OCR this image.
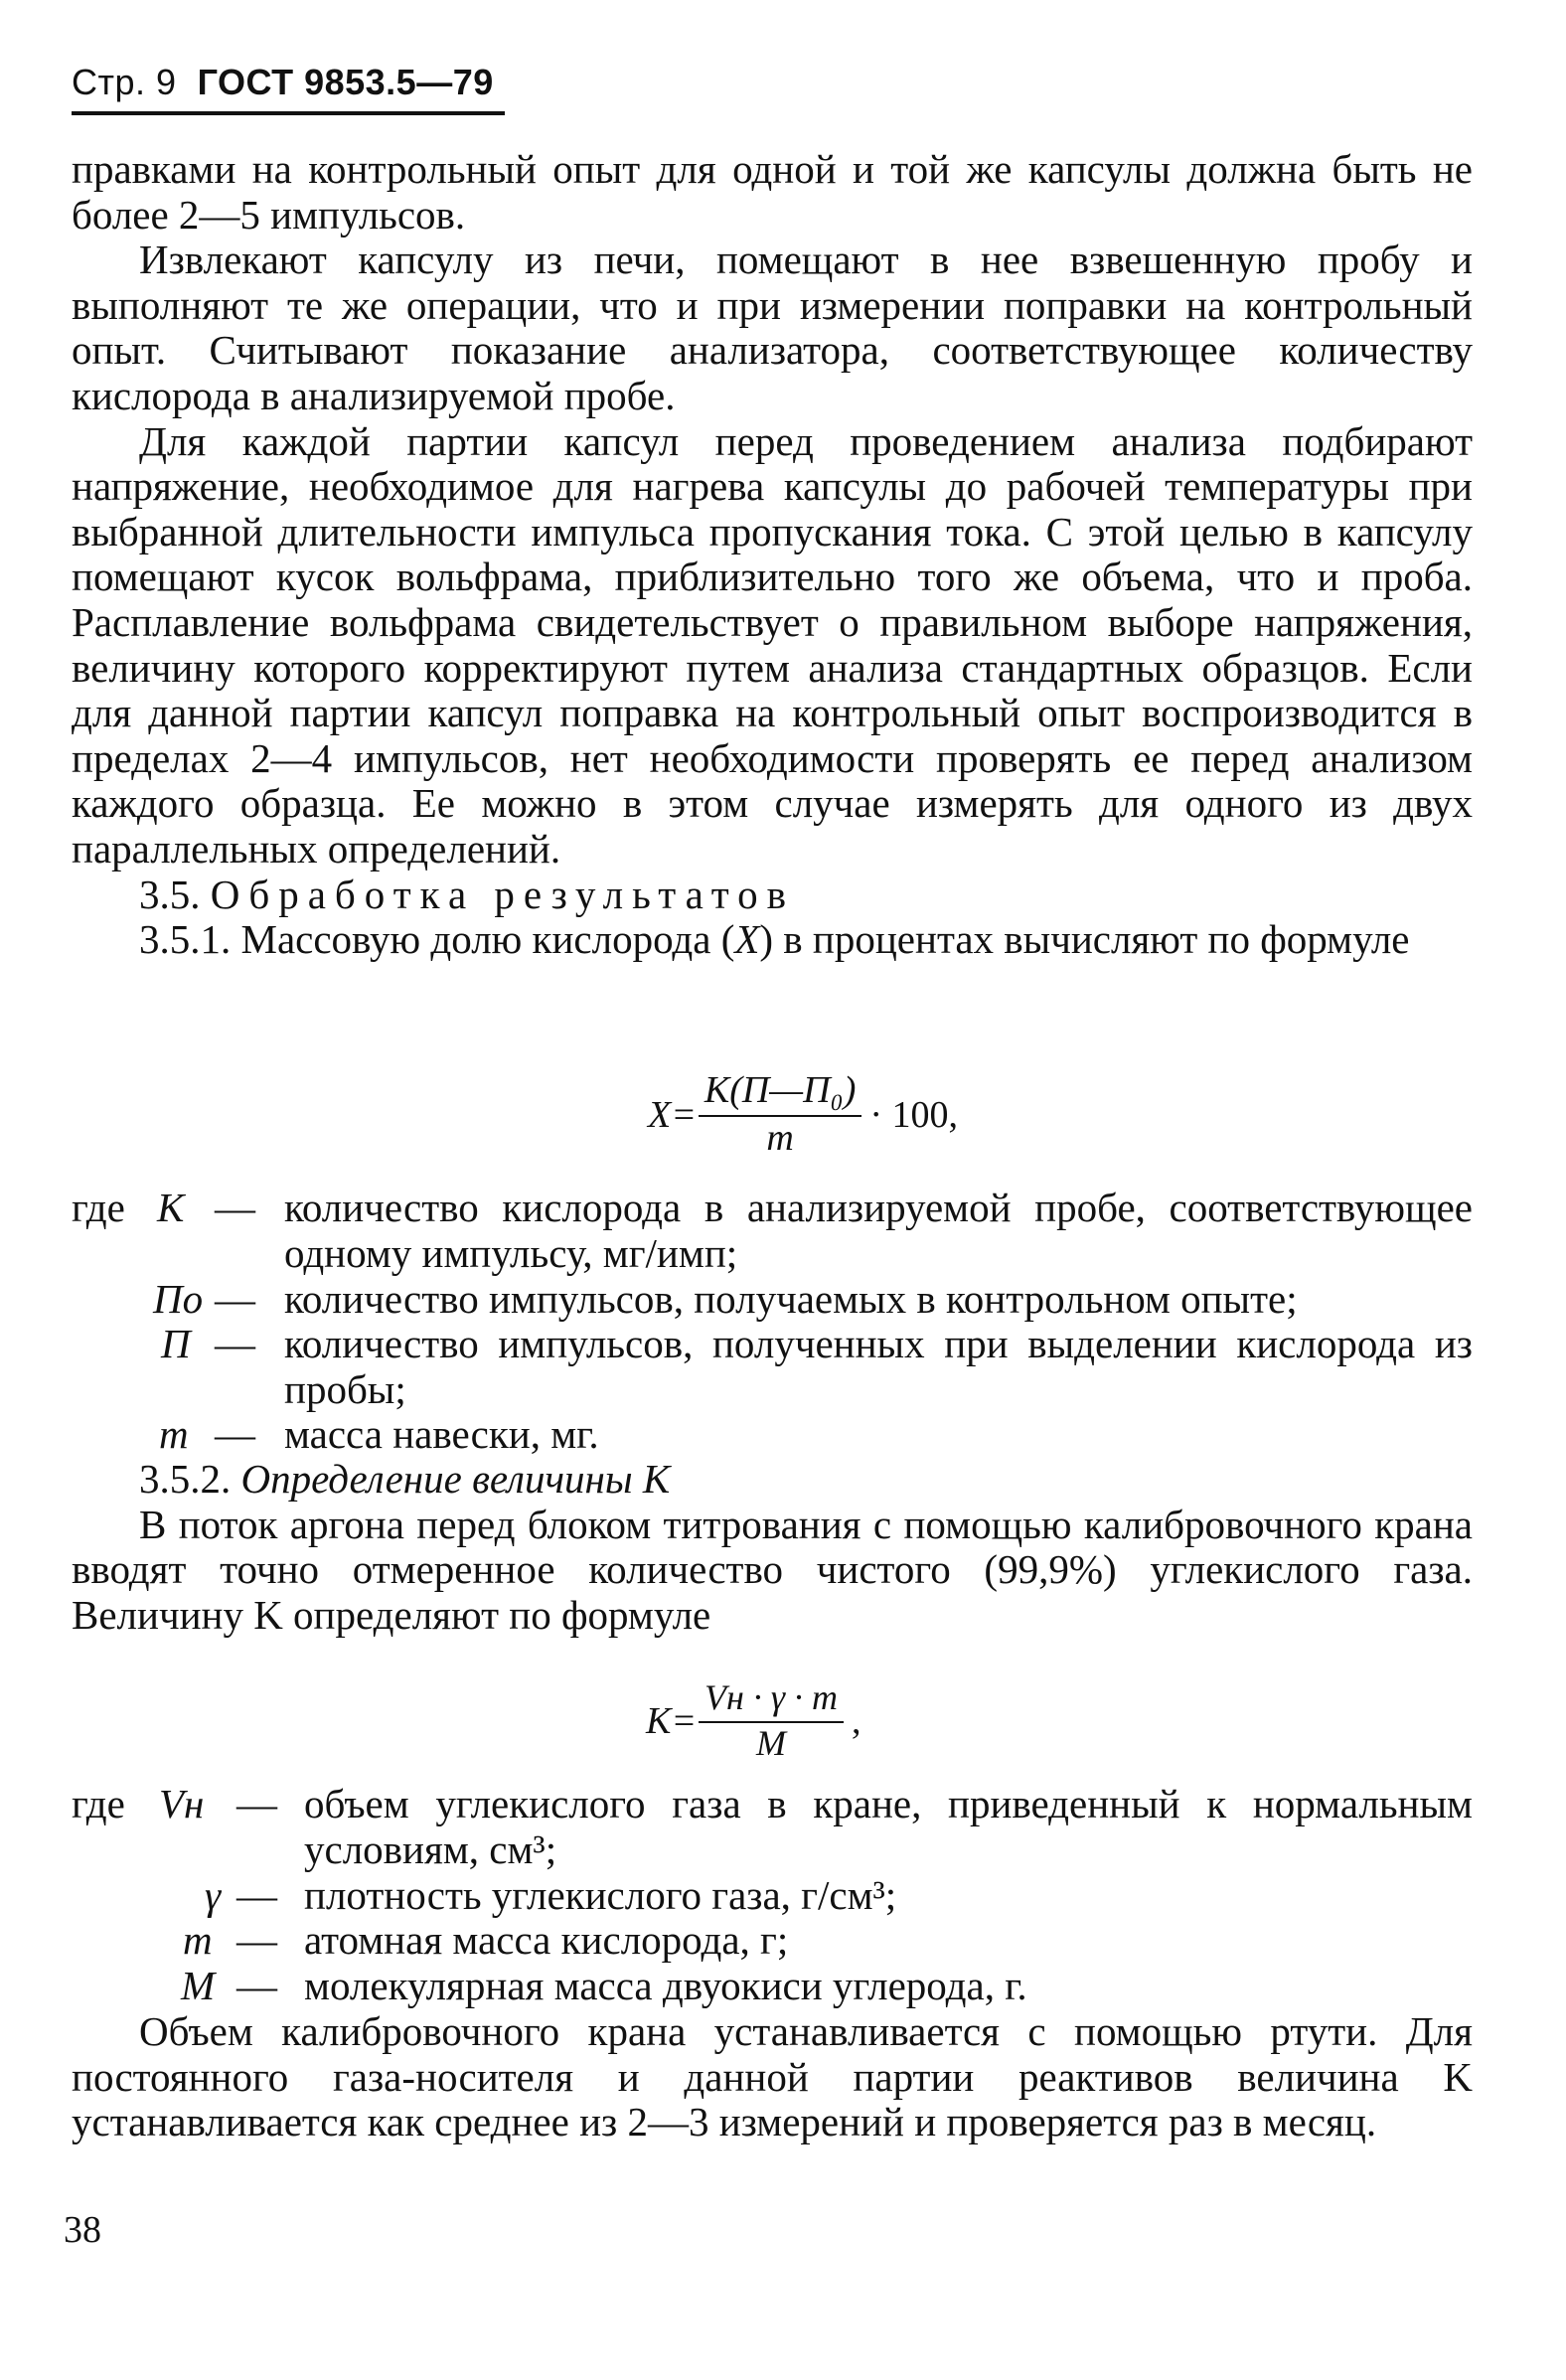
Стр. 9 ГОСТ 9853.5—79

правками на контрольный опыт для одной и той же капсулы должна быть не более 2—5 импульсов.

Извлекают капсулу из печи, помещают в нее взвешенную пробу и выполняют те же операции, что и при измерении поправки на контрольный опыт. Считывают показание анализатора, соответствующее количеству кислорода в анализируемой пробе.

Для каждой партии капсул перед проведением анализа подбирают напряжение, необходимое для нагрева капсулы до рабочей температуры при выбранной длительности импульса пропускания тока. С этой целью в капсулу помещают кусок вольфрама, приблизительно того же объема, что и проба. Расплавление вольфрама свидетельствует о правильном выборе напряжения, величину которого корректируют путем анализа стандартных образцов. Если для данной партии капсул поправка на контрольный опыт воспроизводится в пределах 2—4 импульсов, нет необходимости проверять ее перед анализом каждого образца. Ее можно в этом случае измерять для одного из двух параллельных определений.

3.5. Обработка результатов

3.5.1. Массовую долю кислорода (X) в процентах вычисляют по формуле

$X= \frac{\text{K(П—П₀)}}{m} \cdot 100$,
где K — количество кислорода в анализируемой пробе, соответствующее одному импульсу, мг/имп;
По — количество импульсов, получаемых в контрольном опыте;
П — количество импульсов, полученных при выделении кислорода из пробы;
m — масса навески, мг.

3.5.2. Определение величины K

В поток аргона перед блоком титрования с помощью калибровочного крана вводят точно отмеренное количество чистого (99,9%) углекислого газа. Величину K определяют по формуле

$K= \frac{Vн \cdot \gamma \cdot m}{M}$ ,
где Vн — объем углекислого газа в кране, приведенный к нормальным условиям, см³;
γ — плотность углекислого газа, г/см³;
m — атомная масса кислорода, г;
M — молекулярная масса двуокиси углерода, г.

Объем калибровочного крана устанавливается с помощью ртути. Для постоянного газа-носителя и данной партии реактивов величина K устанавливается как среднее из 2—3 измерений и проверяется раз в месяц.

38
